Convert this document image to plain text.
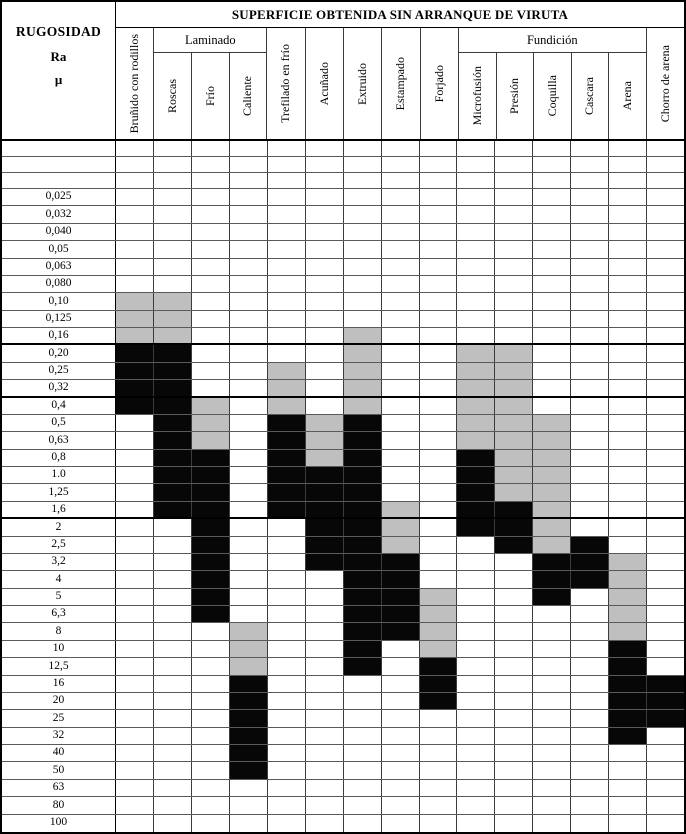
RUGOSIDAD
Ra
μ
SUPERFICIE OBTENIDA SIN ARRANQUE DE VIRUTA
Bruñido con rodillos	Laminado
Roscas Frío Caliente Trefilado en frío Acuñado Extruido Estampado Forjado
Fundición
Microfusión Presión Coquilla Cascara Arena Chorro de arena
0,025
0,032
0,040
0,05
0,063
0,080
0,10
0,125
0,16
0,20
0,25
0,32
0,4
0,5
0,63
0,8
1.0
1,25
1,6
2
2,5
3,2
4
5
6,3
8
10
12,5
16
20
25
32
40
50
63
80
100
